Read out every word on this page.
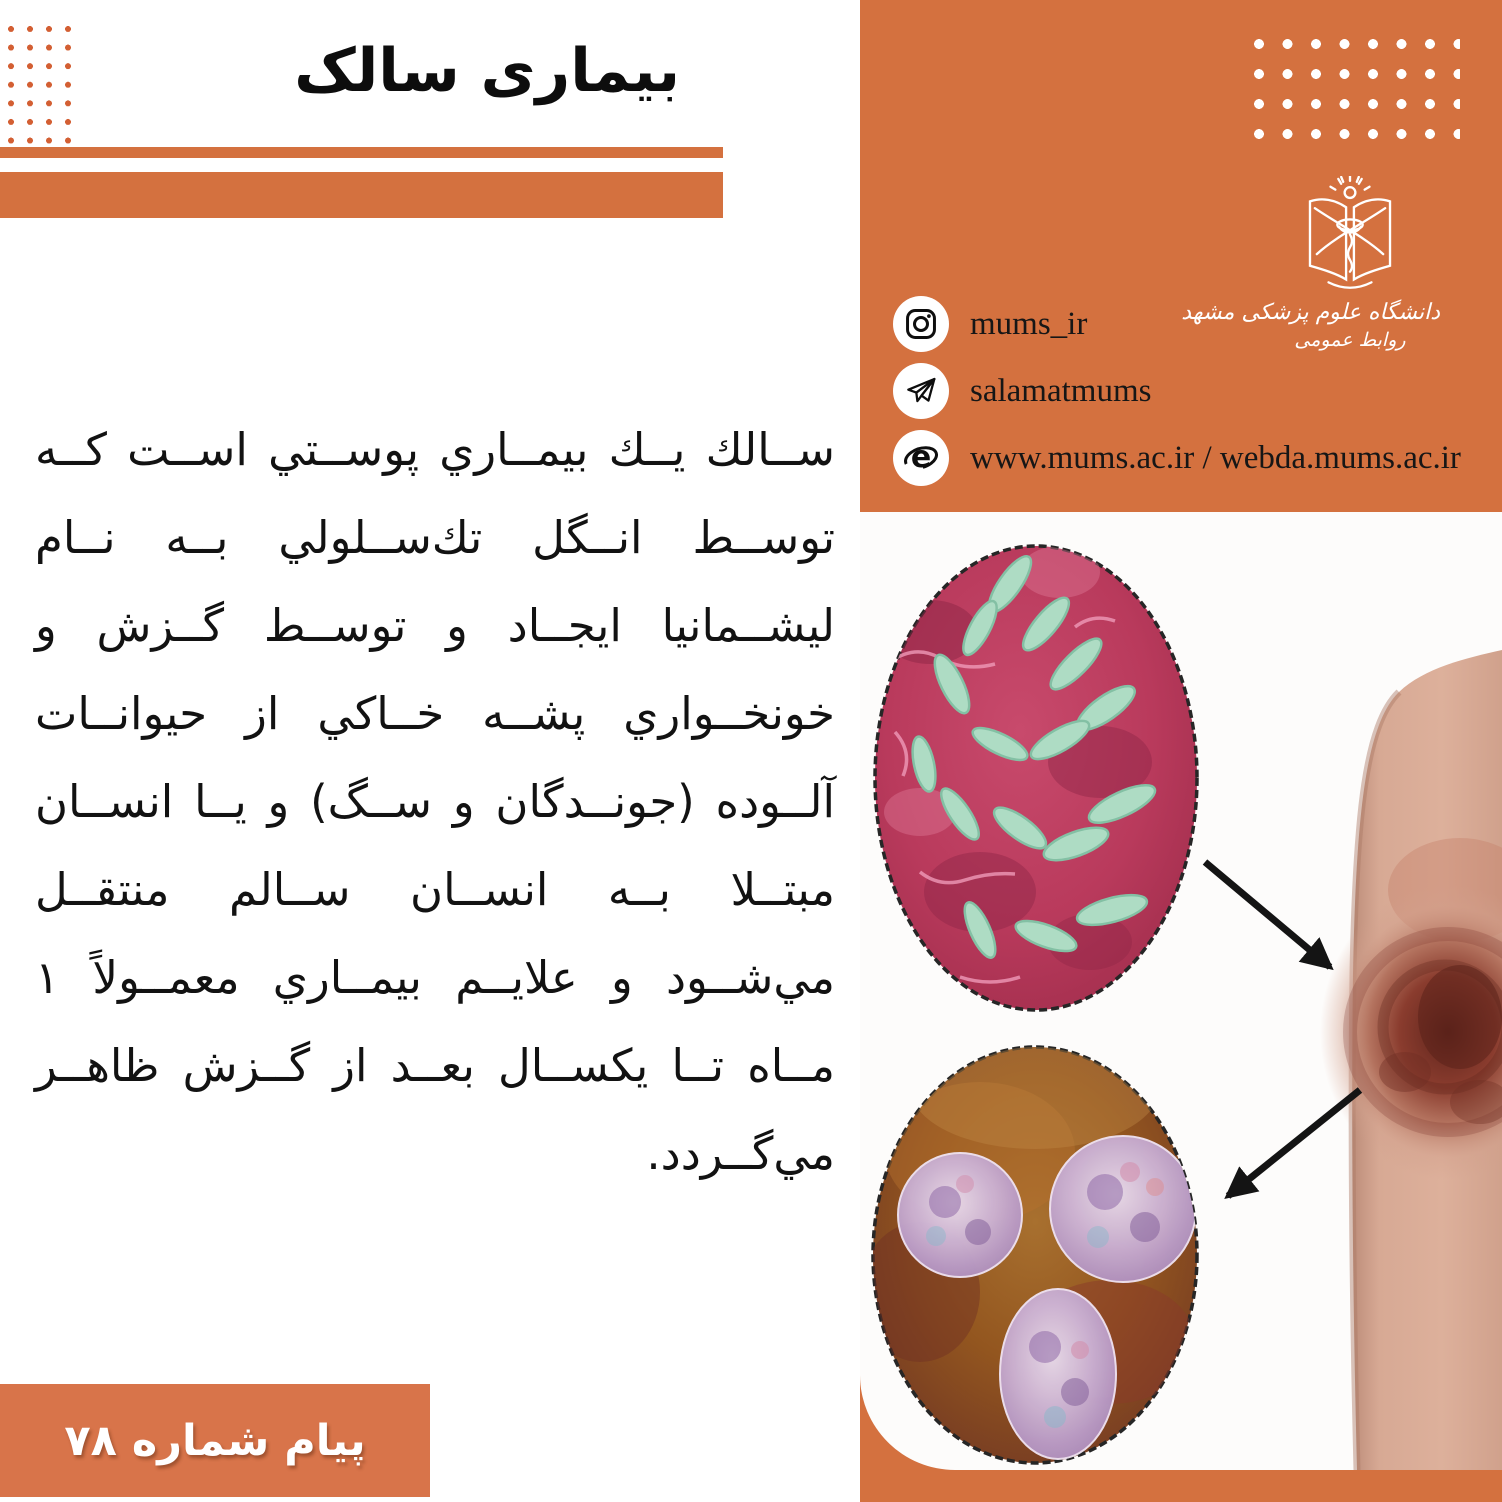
بیماری سالک
ســالك يــك بيمــاري پوســتي اســت كــه توســط انــگل تك‌ســلولي بــه نــام ليشــمانيا ايجــاد و توســط گــزش و خونخــواري پشــه خــاكي از حيوانــات آلــوده (جونــدگان و ســگ) و يــا انســان مبتــلا بــه انســان ســالم منتقــل مي‌شــود و علايــم بيمــاري معمــولاً ۱ مــاه تــا يكســال بعــد از گــزش ظاهــر مي‌گــردد.
پیام شماره ۷۸
دانشگاه علوم پزشکی مشهد
روابط عمومی
mums_ir
salamatmums
e www.mums.ac.ir / webda.mums.ac.ir
